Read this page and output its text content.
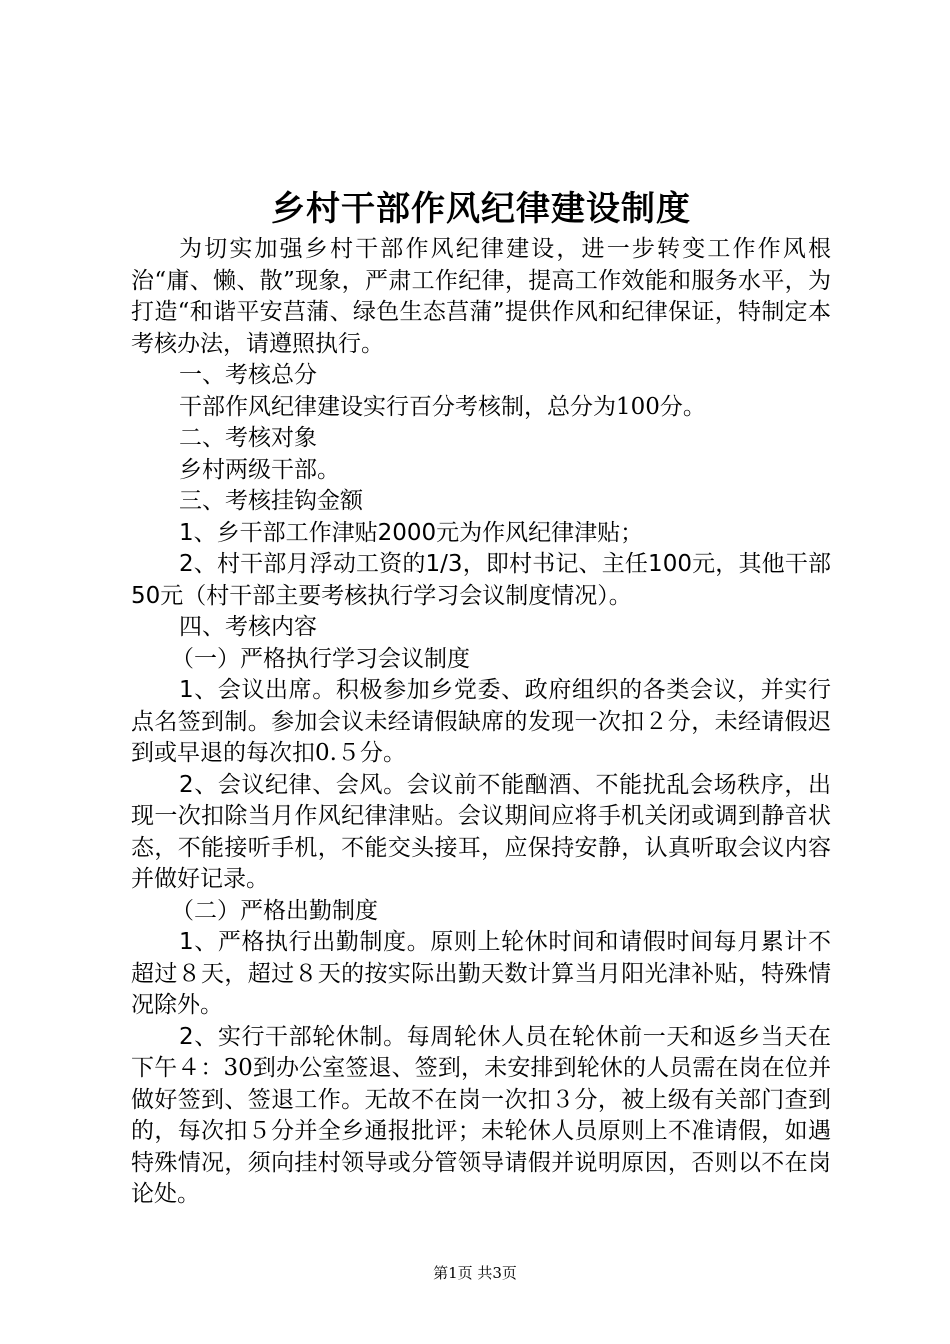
乡村干部作风纪律建设制度

为切实加强乡村干部作风纪律建设，进一步转变工作作风根治“庸、懒、散”现象，严肃工作纪律，提高工作效能和服务水平，为打造“和谐平安莒蒲、绿色生态莒蒲”提供作风和纪律保证，特制定本考核办法，请遵照执行。

一、考核总分

干部作风纪律建设实行百分考核制，总分为100分。

二、考核对象

乡村两级干部。

三、考核挂钩金额

1、乡干部工作津贴2000元为作风纪律津贴；

2、村干部月浮动工资的1/3，即村书记、主任100元，其他干部50元（村干部主要考核执行学习会议制度情况）。

四、考核内容

（一）严格执行学习会议制度

1、会议出席。积极参加乡党委、政府组织的各类会议，并实行点名签到制。参加会议未经请假缺席的发现一次扣２分，未经请假迟到或早退的每次扣0.５分。

2、会议纪律、会风。会议前不能酗酒、不能扰乱会场秩序，出现一次扣除当月作风纪律津贴。会议期间应将手机关闭或调到静音状态，不能接听手机，不能交头接耳，应保持安静，认真听取会议内容并做好记录。

（二）严格出勤制度

1、严格执行出勤制度。原则上轮休时间和请假时间每月累计不超过８天，超过８天的按实际出勤天数计算当月阳光津补贴，特殊情况除外。

2、实行干部轮休制。每周轮休人员在轮休前一天和返乡当天在下午４：30到办公室签退、签到，未安排到轮休的人员需在岗在位并做好签到、签退工作。无故不在岗一次扣３分，被上级有关部门查到的，每次扣５分并全乡通报批评；未轮休人员原则上不准请假，如遇特殊情况，须向挂村领导或分管领导请假并说明原因，否则以不在岗论处。

第1页 共3页
